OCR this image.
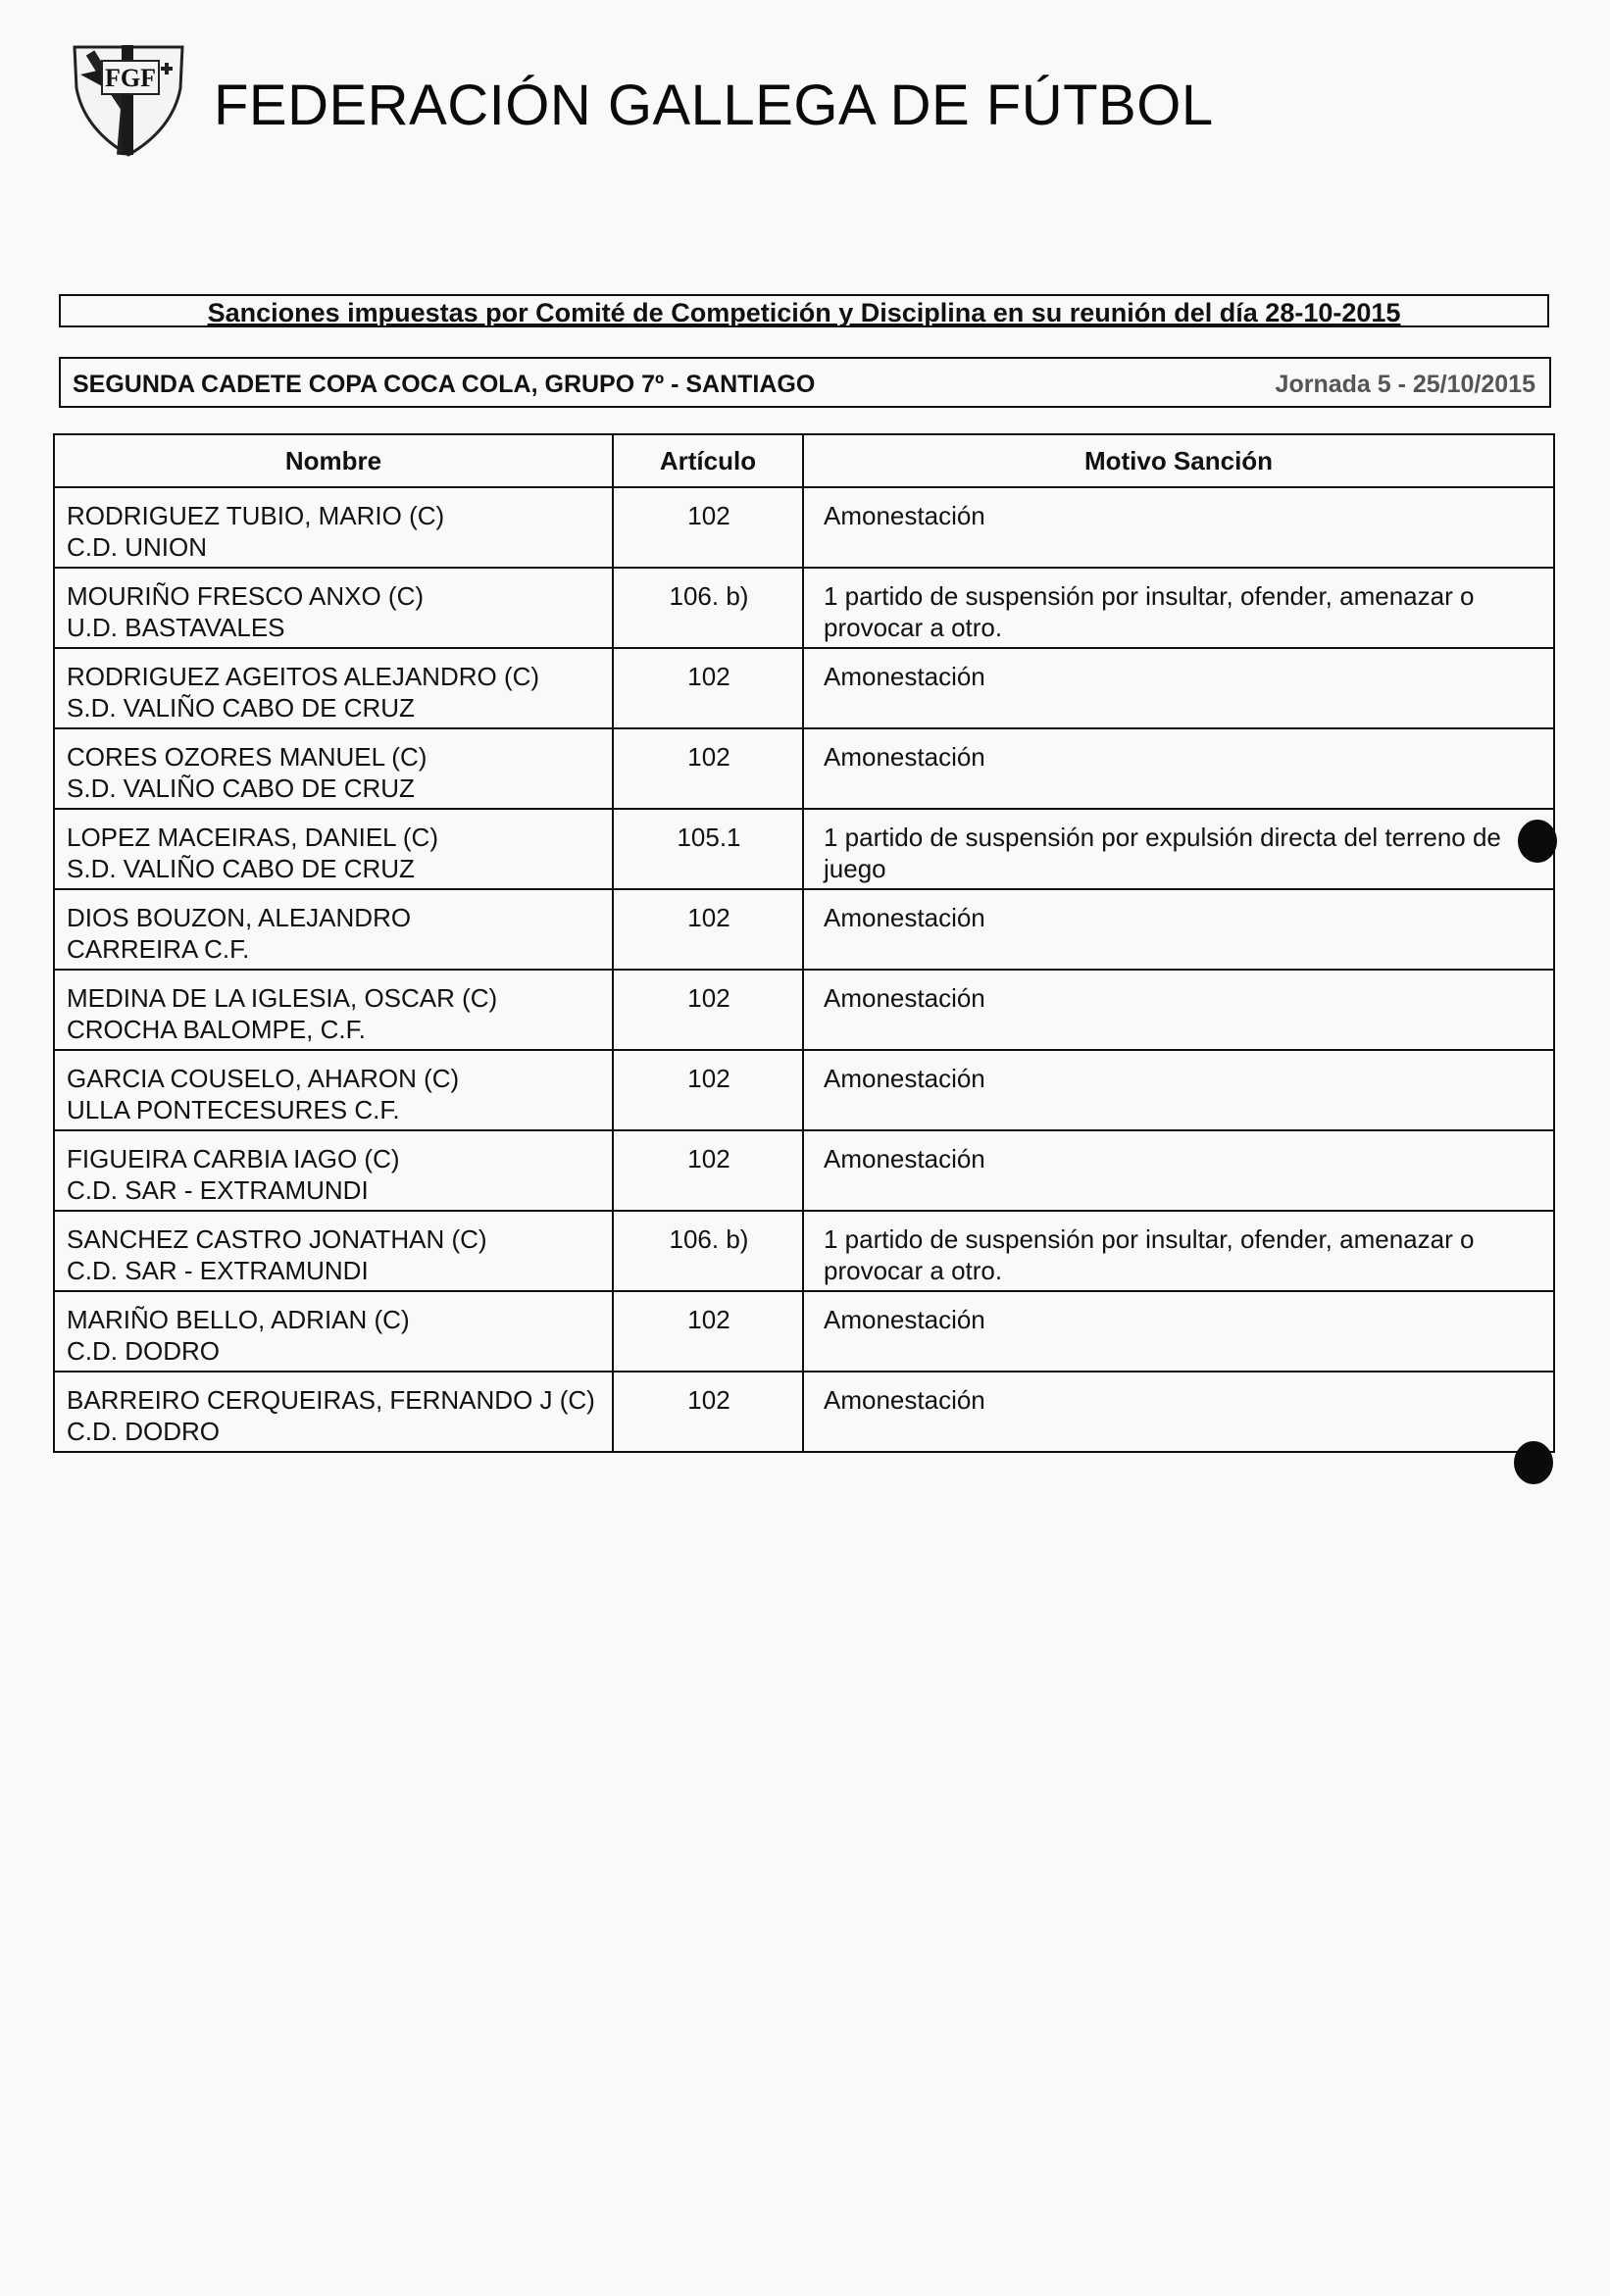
FGF FEDERACIÓN GALLEGA DE FÚTBOL
Sanciones impuestas por Comité de Competición y Disciplina en su reunión del día 28-10-2015
SEGUNDA CADETE COPA COCA COLA, GRUPO 7º - SANTIAGO	Jornada 5 - 25/10/2015
Nombre	Artículo	Motivo Sanción

RODRIGUEZ TUBIO, MARIO (C)
C.D. UNION	102	Amonestación

MOURIÑO FRESCO ANXO (C)
U.D. BASTAVALES	106. b)	1 partido de suspensión por insultar, ofender, amenazar o provocar a otro.

RODRIGUEZ AGEITOS ALEJANDRO (C)
S.D. VALIÑO CABO DE CRUZ	102	Amonestación

CORES OZORES MANUEL (C)
S.D. VALIÑO CABO DE CRUZ	102	Amonestación

LOPEZ MACEIRAS, DANIEL (C)
S.D. VALIÑO CABO DE CRUZ	105.1	1 partido de suspensión por expulsión directa del terreno de juego

DIOS BOUZON, ALEJANDRO
CARREIRA C.F.	102	Amonestación

MEDINA DE LA IGLESIA, OSCAR (C)
CROCHA BALOMPE, C.F.	102	Amonestación

GARCIA COUSELO, AHARON (C)
ULLA PONTECESURES C.F.	102	Amonestación

FIGUEIRA CARBIA IAGO (C)
C.D. SAR - EXTRAMUNDI	102	Amonestación

SANCHEZ CASTRO JONATHAN (C)
C.D. SAR - EXTRAMUNDI	106. b)	1 partido de suspensión por insultar, ofender, amenazar o provocar a otro.

MARIÑO BELLO, ADRIAN (C)
C.D. DODRO	102	Amonestación

BARREIRO CERQUEIRAS, FERNANDO J (C)
C.D. DODRO	102	Amonestación
